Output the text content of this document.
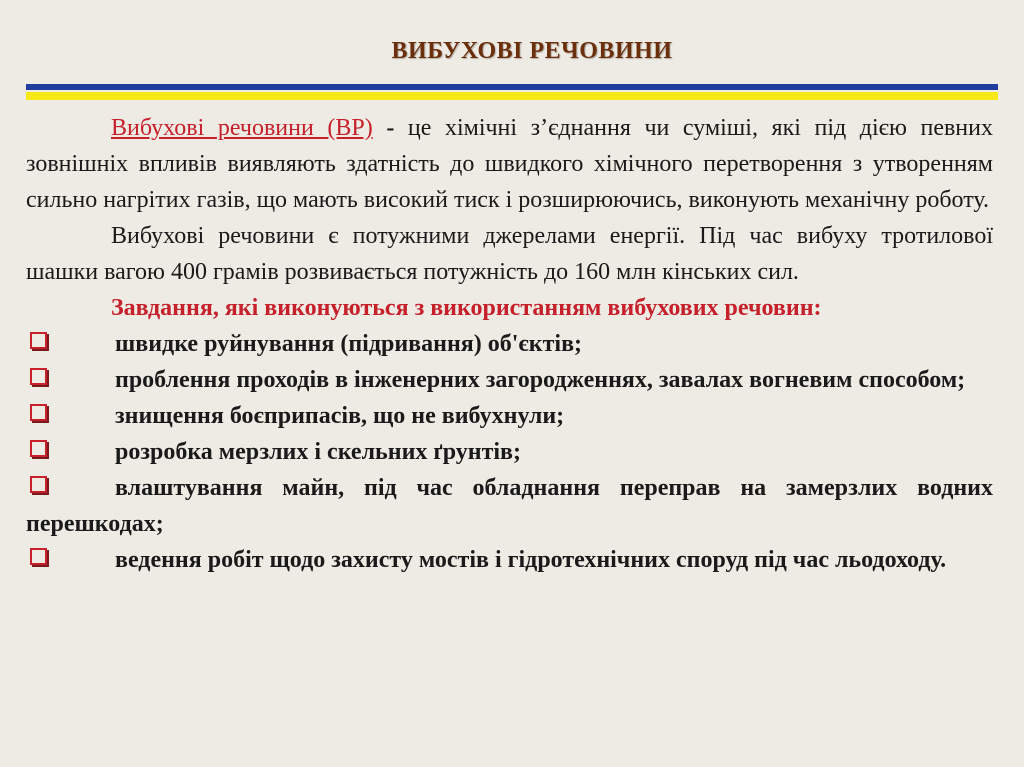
ВИБУХОВІ РЕЧОВИНИ

Вибухові речовини (ВР) - це хімічні з’єднання чи суміші, які під дією певних зовнішніх впливів виявляють здатність до швидкого хімічного перетворення з утворенням сильно нагрітих газів, що мають високий тиск і розширюючись, виконують механічну роботу.

Вибухові речовини є потужними джерелами енергії. Під час вибуху тротилової шашки вагою 400 грамів розвивається потужність до 160 млн кінських сил.

Завдання, які виконуються з використанням вибухових речовин:

швидке руйнування (підривання) об'єктів;
проблення проходів в інженерних загородженнях, завалах вогневим способом;
знищення боєприпасів, що не вибухнули;
розробка мерзлих і скельних ґрунтів;
влаштування майн, під час обладнання переправ на замерзлих водних перешкодах;
ведення робіт щодо захисту мостів і гідротехнічних споруд під час льодоходу.
